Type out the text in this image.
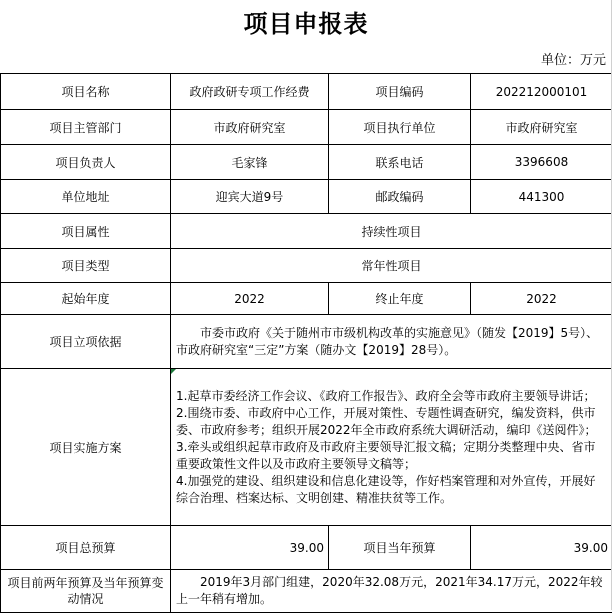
项目申报表
单位：万元
项目名称	政府政研专项工作经费	项目编码	202212000101
项目主管部门	市政府研究室	项目执行单位	市政府研究室
项目负责人	毛家锋	联系电话	3396608
单位地址	迎宾大道9号	邮政编码	441300
项目属性	持续性项目		
项目类型	常年性项目		
起始年度	2022	终止年度	2022
项目立项依据	市委市政府《关于随州市市级机构改革的实施意见》（随发【2019】5号）、市政府研究室“三定”方案（随办文【2019】28号）。		
项目实施方案	1.起草市委经济工作会议、《政府工作报告》、政府全会等市政府主要领导讲话；
2.围绕市委、市政府中心工作，开展对策性、专题性调查研究，编发资料，供市委、市政府参考；组织开展2022年全市政府系统大调研活动，编印《送阅件》；
3.牵头或组织起草市政府及市政府主要领导汇报文稿；定期分类整理中央、省市重要政策性文件以及市政府主要领导文稿等；
4.加强党的建设、组织建设和信息化建设等，作好档案管理和对外宣传，开展好综合治理、档案达标、文明创建、精准扶贫等工作。		

项目总预算	39.00	项目当年预算	39.00
项目前两年预算及当年预算变动情况	2019年3月部门组建，2020年32.08万元，2021年34.17万元，2022年较上一年稍有增加。		
